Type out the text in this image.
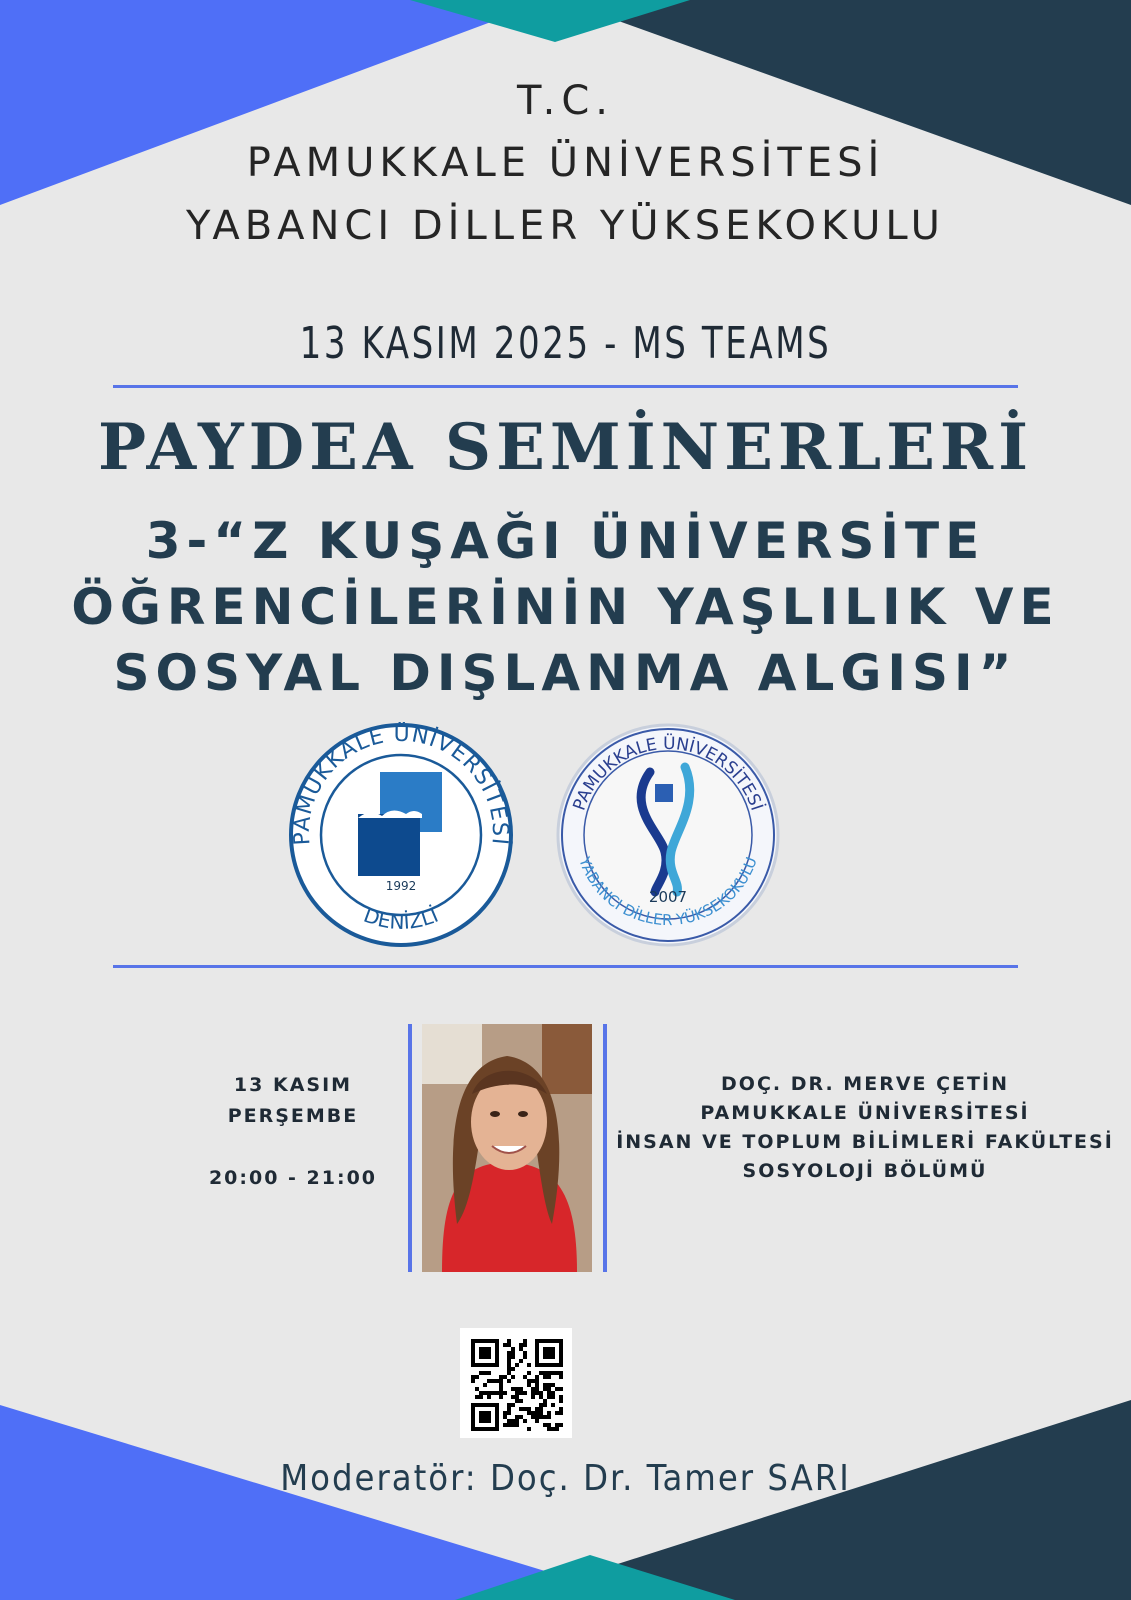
T.C.
PAMUKKALE ÜNİVERSİTESİ
YABANCI DİLLER YÜKSEKOKULU
13 KASIM 2025 - MS TEAMS
PAYDEA SEMİNERLERİ
3-“Z KUŞAĞI ÜNİVERSİTE
ÖĞRENCİLERİNİN YAŞLILIK VE
SOSYAL DIŞLANMA ALGISI”
PAMUKKALE ÜNİVERSİTESİ
DENİZLİ
1992
PAMUKKALE ÜNİVERSİTESİ
YABANCI DİLLER YÜKSEKOKULU
2007
13 KASIM
PERŞEMBE
20:00 - 21:00
DOÇ. DR. MERVE ÇETİN
PAMUKKALE ÜNİVERSİTESİ
İNSAN VE TOPLUM BİLİMLERİ FAKÜLTESİ
SOSYOLOJİ BÖLÜMÜ
Moderatör: Doç. Dr. Tamer SARI
